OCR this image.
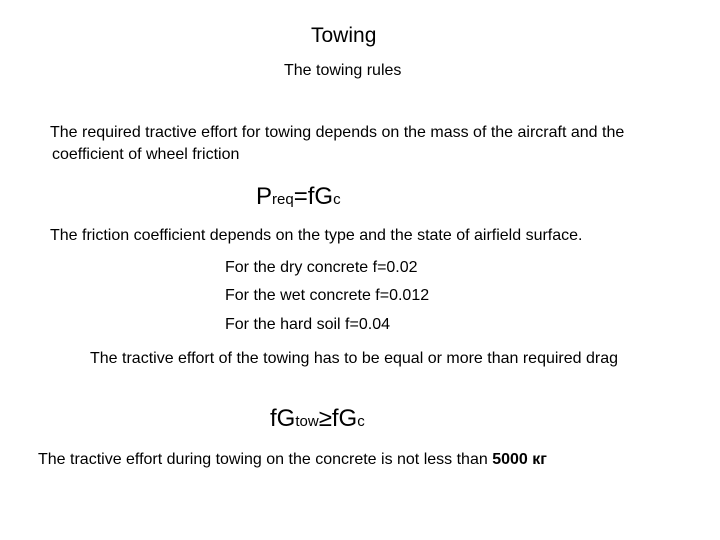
Towing
The towing rules
The required tractive effort for towing depends on the mass of the aircraft and the
coefficient of wheel friction
Preq=fGc
The friction coefficient depends on the type and the state of airfield surface.
For the dry concrete f=0.02
For the wet concrete f=0.012
For the hard soil f=0.04
The tractive effort of the towing has to be equal or more than required drag
fGtow≥fGc
The tractive effort during towing on the concrete is not less than 5000 кг
